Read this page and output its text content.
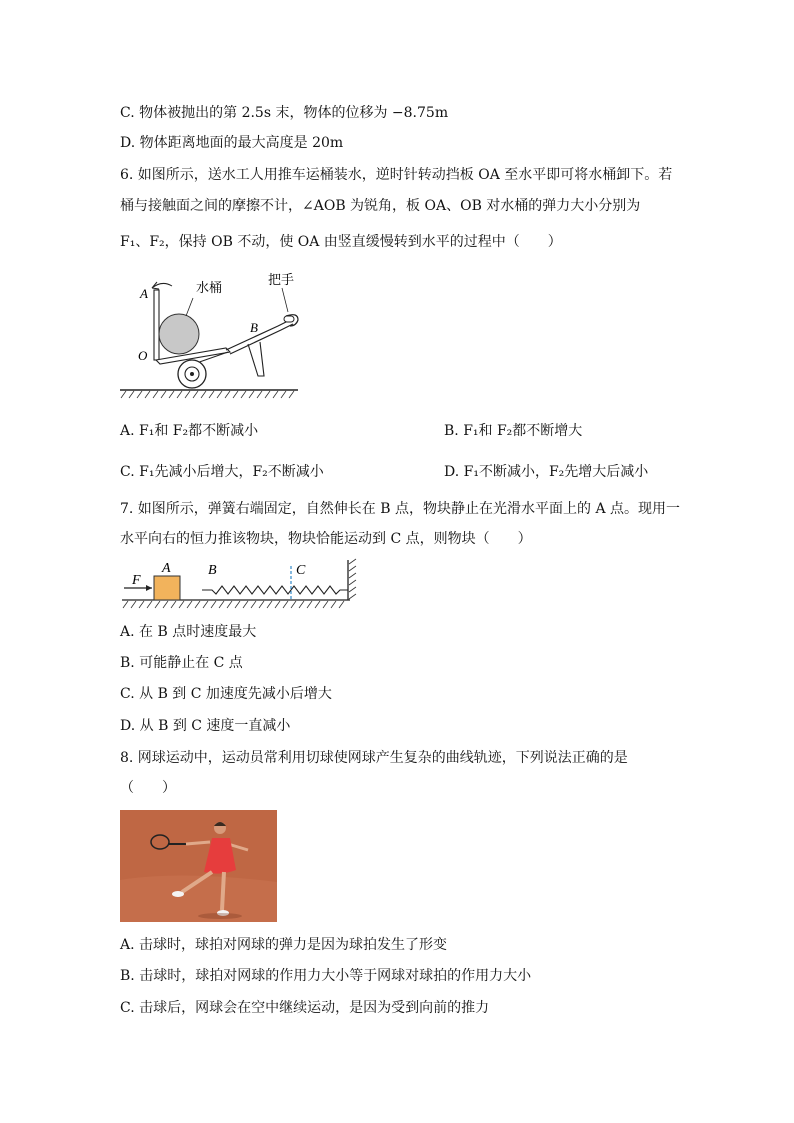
C. 物体被抛出的第 2.5s 末，物体的位移为 −8.75m
D. 物体距离地面的最大高度是 20m
6. 如图所示，送水工人用推车运桶装水，逆时针转动挡板 OA 至水平即可将水桶卸下。若
桶与接触面之间的摩擦不计，∠AOB 为锐角，板 OA、OB 对水桶的弹力大小分别为
F₁、F₂，保持 OB 不动，使 OA 由竖直缓慢转到水平的过程中（　　）
A
O
B
水桶
把手
A. F₁和 F₂都不断减小	B. F₁和 F₂都不断增大
C. F₁先减小后增大，F₂不断减小	D. F₁不断减小，F₂先增大后减小
7. 如图所示，弹簧右端固定，自然伸长在 B 点，物块静止在光滑水平面上的 A 点。现用一
水平向右的恒力推该物块，物块恰能运动到 C 点，则物块（　　）
F
A	B	C
A. 在 B 点时速度最大
B. 可能静止在 C 点
C. 从 B 到 C 加速度先减小后增大
D. 从 B 到 C 速度一直减小
8. 网球运动中，运动员常利用切球使网球产生复杂的曲线轨迹，下列说法正确的是
（　　）
A. 击球时，球拍对网球的弹力是因为球拍发生了形变
B. 击球时，球拍对网球的作用力大小等于网球对球拍的作用力大小
C. 击球后，网球会在空中继续运动，是因为受到向前的推力
